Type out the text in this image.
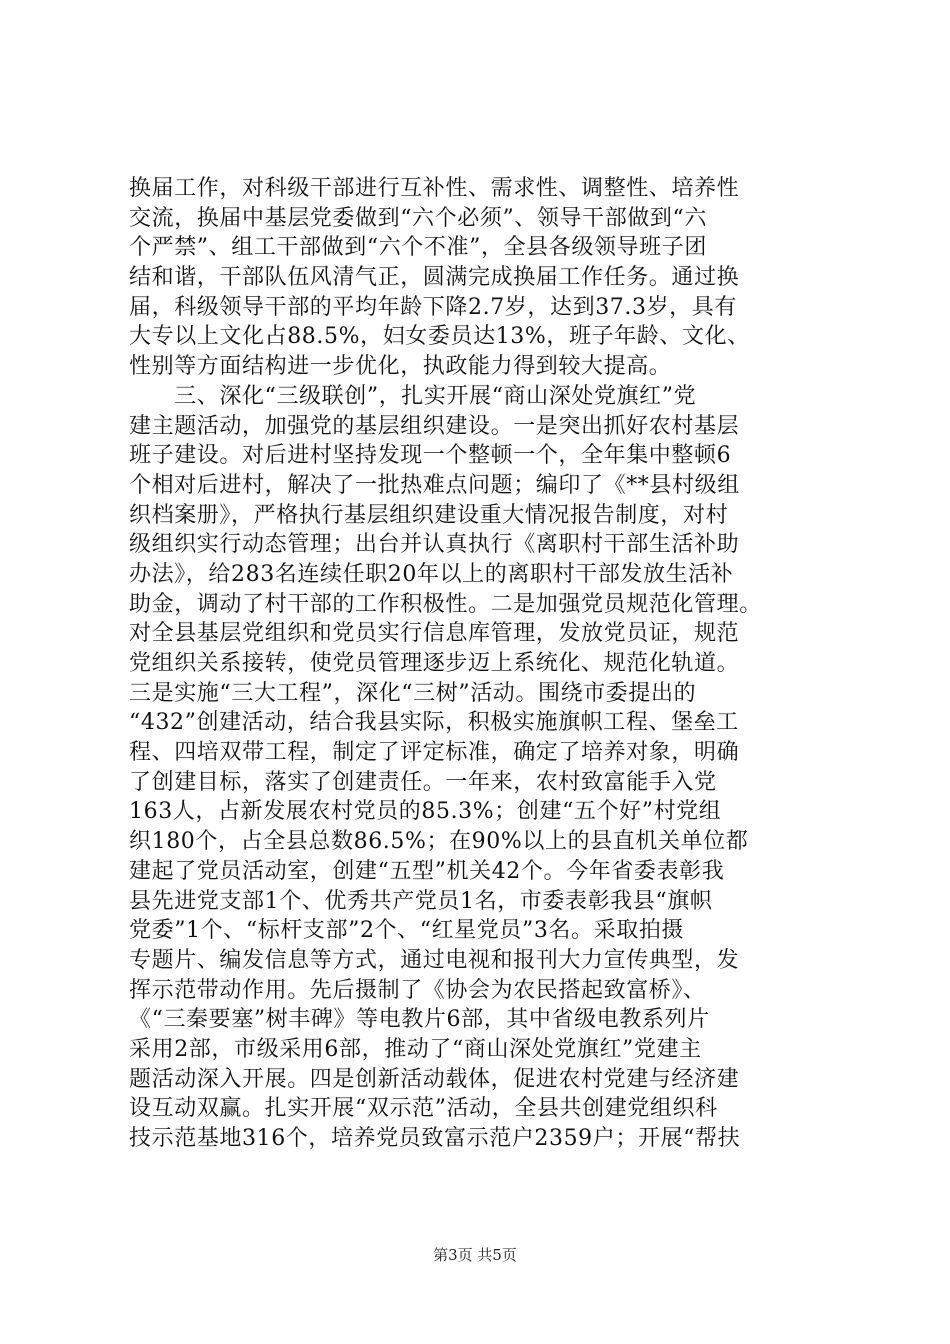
换届工作，对科级干部进行互补性、需求性、调整性、培养性
交流，换届中基层党委做到“六个必须”、领导干部做到“六
个严禁”、组工干部做到“六个不准”，全县各级领导班子团
结和谐，干部队伍风清气正，圆满完成换届工作任务。通过换
届，科级领导干部的平均年龄下降2.7岁，达到37.3岁，具有
大专以上文化占88.5%，妇女委员达13%，班子年龄、文化、
性别等方面结构进一步优化，执政能力得到较大提高。
　　三、深化“三级联创”，扎实开展“商山深处党旗红”党
建主题活动，加强党的基层组织建设。一是突出抓好农村基层
班子建设。对后进村坚持发现一个整顿一个，全年集中整顿6
个相对后进村，解决了一批热难点问题；编印了《**县村级组
织档案册》，严格执行基层组织建设重大情况报告制度，对村
级组织实行动态管理；出台并认真执行《离职村干部生活补助
办法》，给283名连续任职20年以上的离职村干部发放生活补
助金，调动了村干部的工作积极性。二是加强党员规范化管理。
对全县基层党组织和党员实行信息库管理，发放党员证，规范
党组织关系接转，使党员管理逐步迈上系统化、规范化轨道。
三是实施“三大工程”，深化“三树”活动。围绕市委提出的
“432”创建活动，结合我县实际，积极实施旗帜工程、堡垒工
程、四培双带工程，制定了评定标准，确定了培养对象，明确
了创建目标，落实了创建责任。一年来，农村致富能手入党
163人，占新发展农村党员的85.3%；创建“五个好”村党组
织180个，占全县总数86.5%；在90%以上的县直机关单位都
建起了党员活动室，创建“五型”机关42个。今年省委表彰我
县先进党支部1个、优秀共产党员1名，市委表彰我县“旗帜
党委”1个、“标杆支部”2个、“红星党员”3名。采取拍摄
专题片、编发信息等方式，通过电视和报刊大力宣传典型，发
挥示范带动作用。先后摄制了《协会为农民搭起致富桥》、
《“三秦要塞”树丰碑》等电教片6部，其中省级电教系列片
采用2部，市级采用6部，推动了“商山深处党旗红”党建主
题活动深入开展。四是创新活动载体，促进农村党建与经济建
设互动双赢。扎实开展“双示范”活动，全县共创建党组织科
技示范基地316个，培养党员致富示范户2359户；开展“帮扶
第3页 共5页
